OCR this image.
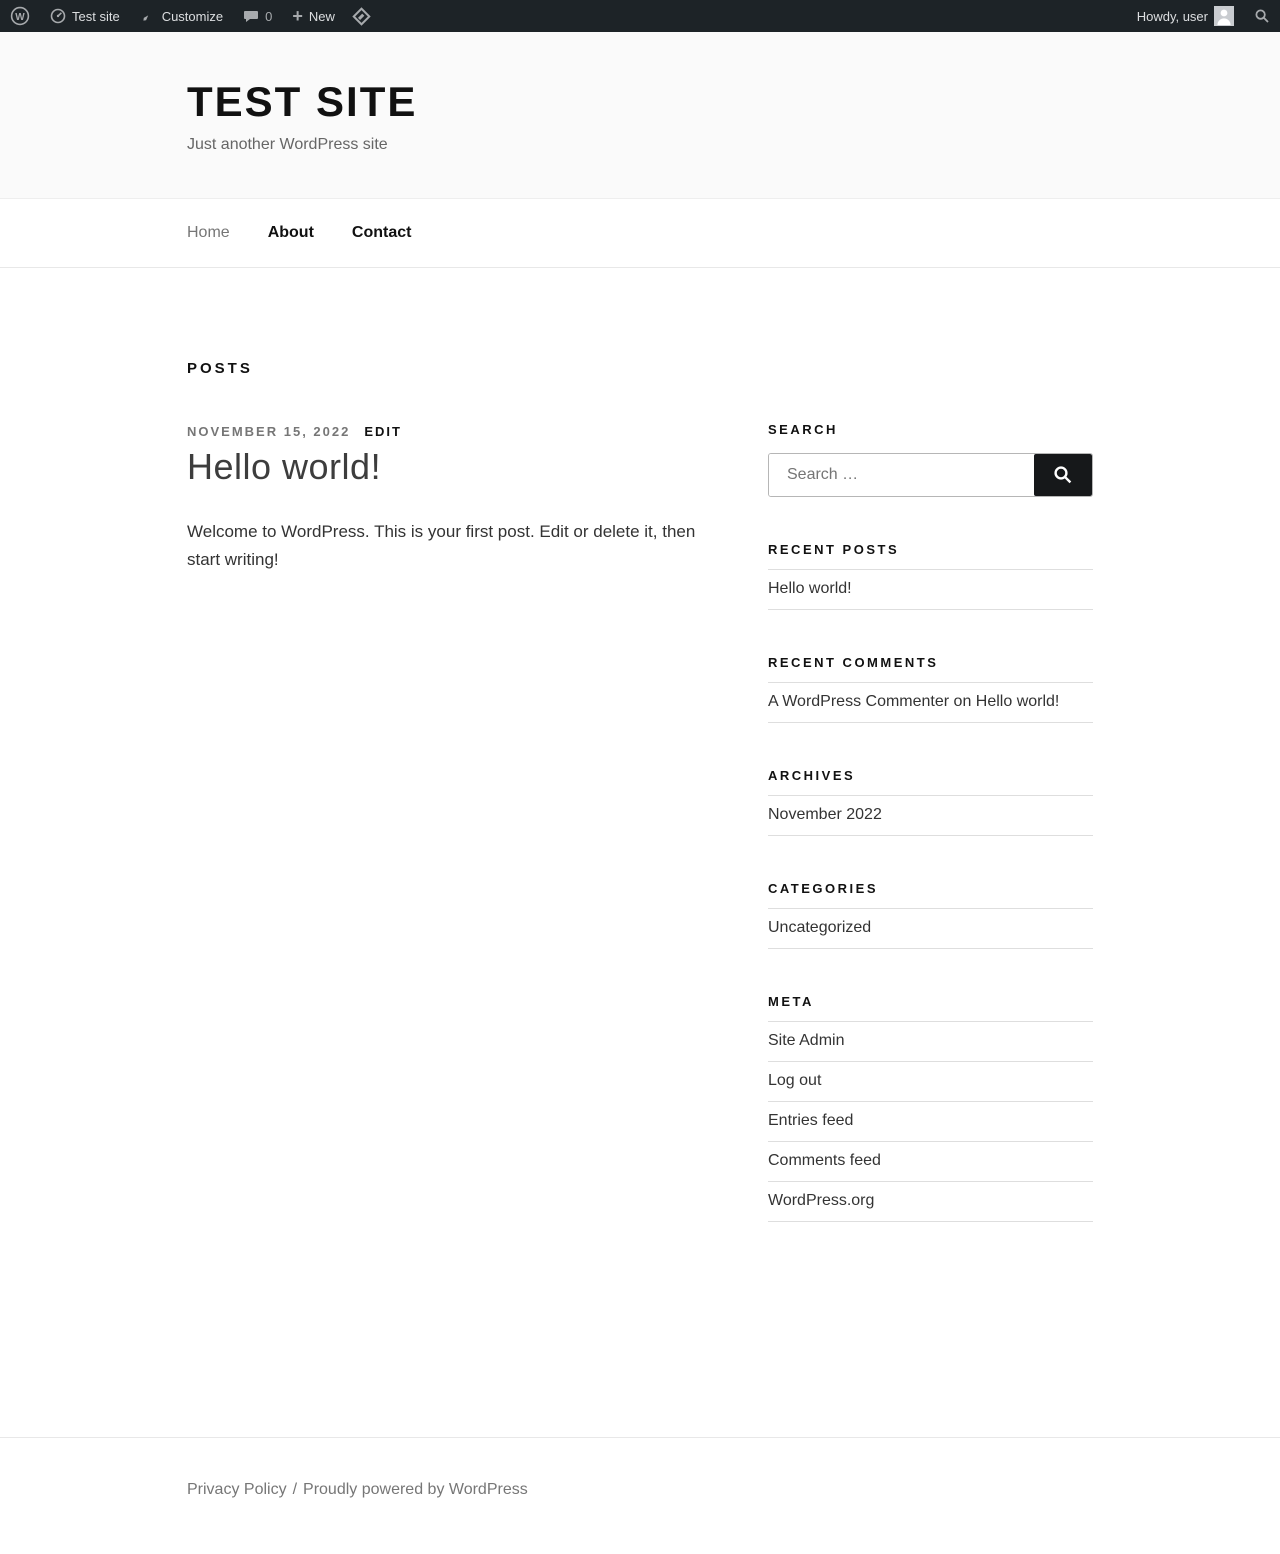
W	Test site	Customize	0 + New	Howdy, user
TEST SITE

Just another WordPress site

Home About Contact
POSTS
NOVEMBER 15, 2022 EDIT
Hello world!

Welcome to WordPress. This is your first post. Edit or delete it, then start writing!

SEARCH
Search …
RECENT POSTS
Hello world!
RECENT COMMENTS
A WordPress Commenter on Hello world!
ARCHIVES
November 2022
CATEGORIES
Uncategorized
META
Site Admin
Log out
Entries feed
Comments feed
WordPress.org
Privacy Policy / Proudly powered by WordPress
